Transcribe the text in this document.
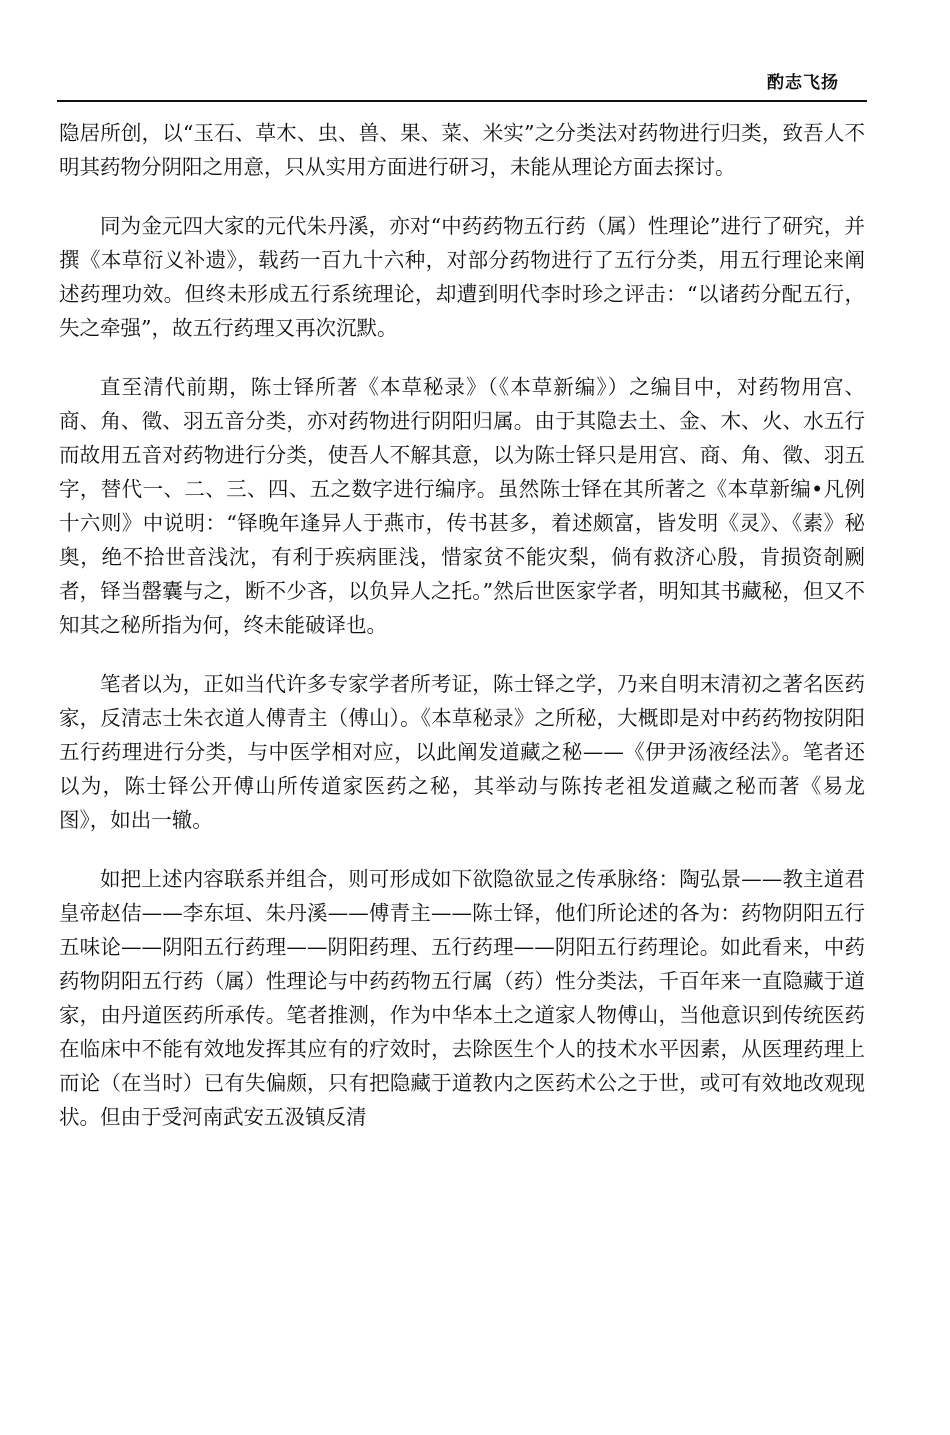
酌志飞扬

隐居所创，以“玉石、草木、虫、兽、果、菜、米实”之分类法对药物进行归类，致吾人不明其药物分阴阳之用意，只从实用方面进行研习，未能从理论方面去探讨。

同为金元四大家的元代朱丹溪，亦对“中药药物五行药（属）性理论”进行了研究，并撰《本草衍义补遗》，载药一百九十六种，对部分药物进行了五行分类，用五行理论来阐述药理功效。但终未形成五行系统理论，却遭到明代李时珍之评击：“以诸药分配五行，失之牵强”，故五行药理又再次沉默。

直至清代前期，陈士铎所著《本草秘录》（《本草新编》）之编目中，对药物用宫、商、角、徵、羽五音分类，亦对药物进行阴阳归属。由于其隐去土、金、木、火、水五行而故用五音对药物进行分类，使吾人不解其意，以为陈士铎只是用宫、商、角、徵、羽五字，替代一、二、三、四、五之数字进行编序。虽然陈士铎在其所著之《本草新编•凡例十六则》中说明：“铎晚年逢异人于燕市，传书甚多，着述颇富，皆发明《灵》、《素》秘奥，绝不拾世音浅沈，有利于疾病匪浅，惜家贫不能灾梨，倘有救济心殷，肯损资剞劂者，铎当罄囊与之，断不少吝，以负异人之托。”然后世医家学者，明知其书藏秘，但又不知其之秘所指为何，终未能破译也。

笔者以为，正如当代许多专家学者所考证，陈士铎之学，乃来自明末清初之著名医药家，反清志士朱衣道人傅青主（傅山）。《本草秘录》之所秘，大概即是对中药药物按阴阳五行药理进行分类，与中医学相对应，以此阐发道藏之秘——《伊尹汤液经法》。笔者还以为，陈士铎公开傅山所传道家医药之秘，其举动与陈抟老祖发道藏之秘而著《易龙图》，如出一辙。

如把上述内容联系并组合，则可形成如下欲隐欲显之传承脉络：陶弘景——教主道君皇帝赵佶——李东垣、朱丹溪——傅青主——陈士铎，他们所论述的各为：药物阴阳五行五味论——阴阳五行药理——阴阳药理、五行药理——阴阳五行药理论。如此看来，中药药物阴阳五行药（属）性理论与中药药物五行属（药）性分类法，千百年来一直隐藏于道家，由丹道医药所承传。笔者推测，作为中华本土之道家人物傅山，当他意识到传统医药在临床中不能有效地发挥其应有的疗效时，去除医生个人的技术水平因素，从医理药理上而论（在当时）已有失偏颇，只有把隐藏于道教内之医药术公之于世，或可有效地改观现状。但由于受河南武安五汲镇反清
